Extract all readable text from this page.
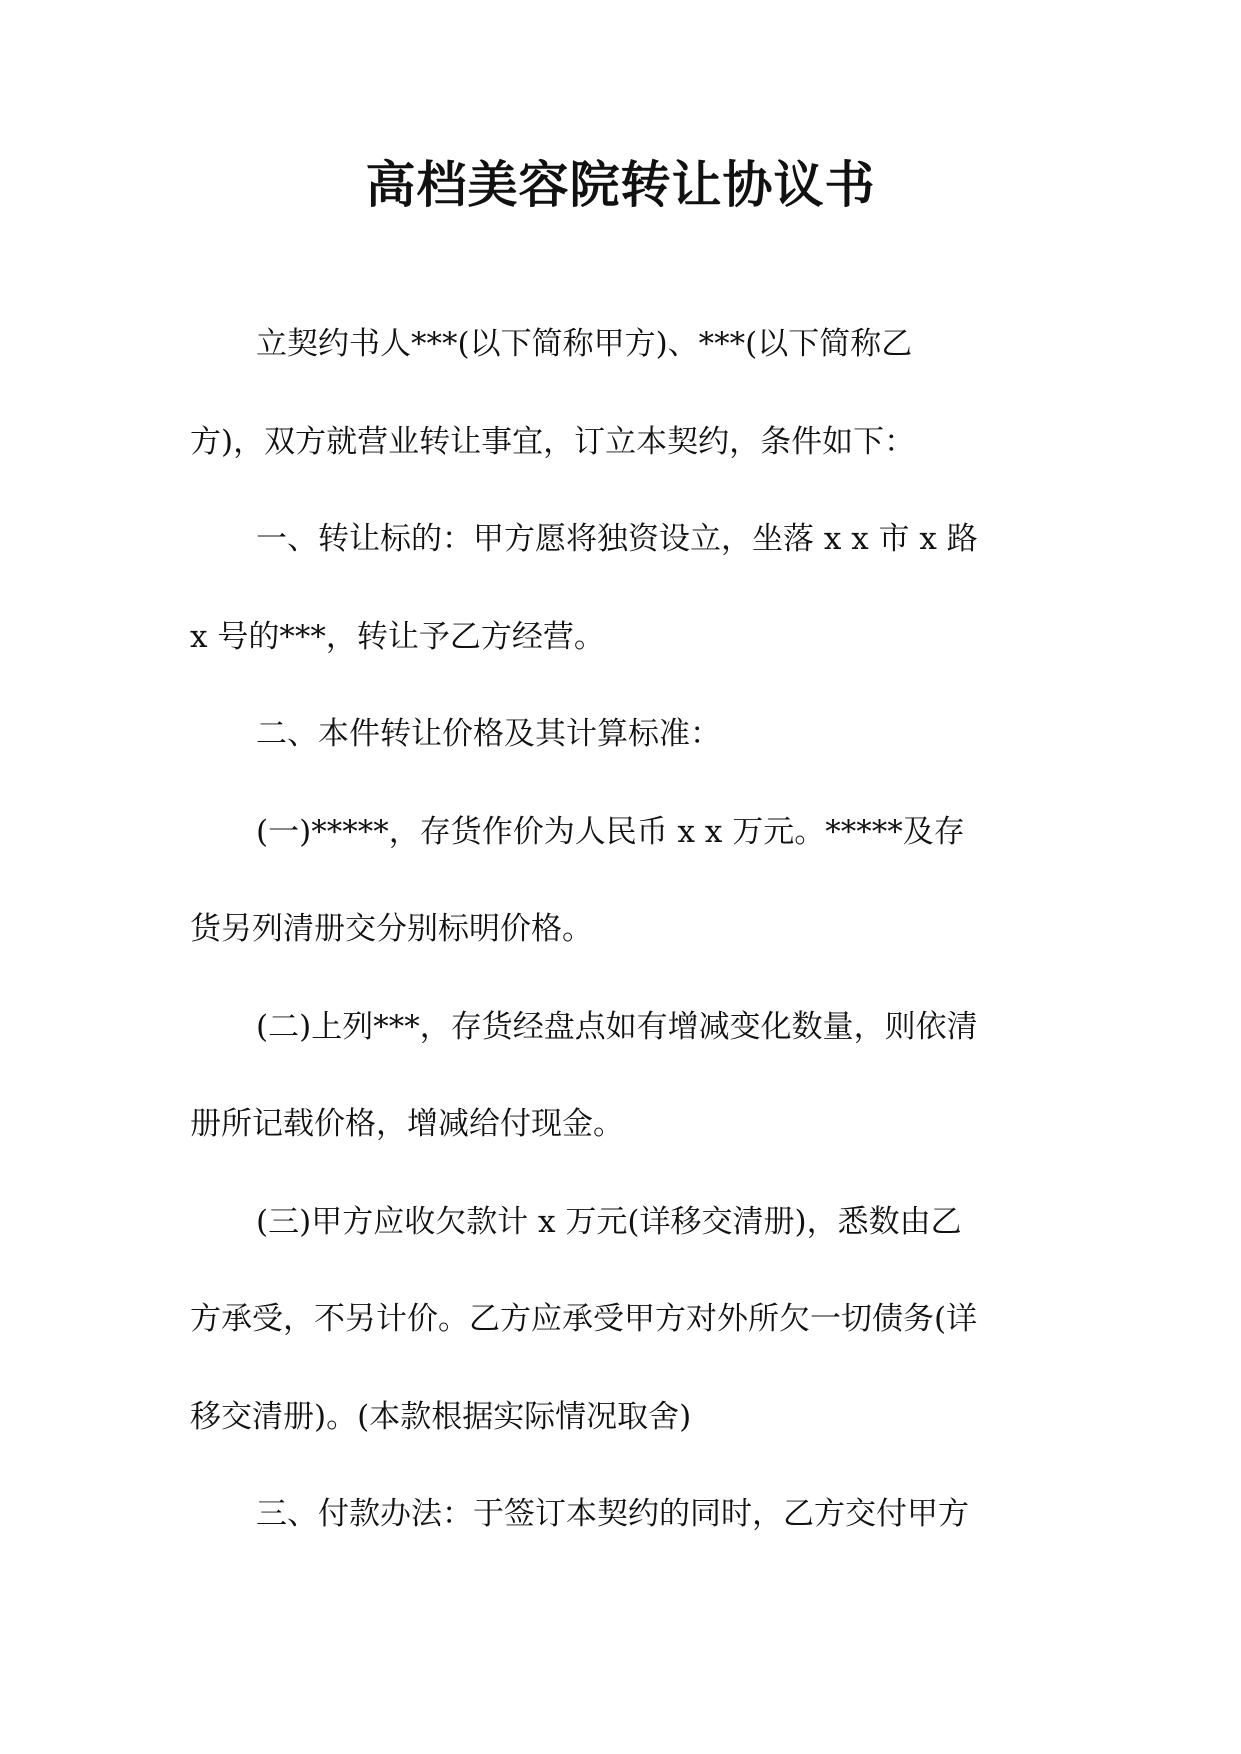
高档美容院转让协议书

立契约书人***(以下简称甲方)、***(以下简称乙
方)，双方就营业转让事宜，订立本契约，条件如下：

一、转让标的：甲方愿将独资设立，坐落 x x 市 x 路
x 号的***，转让予乙方经营。

二、本件转让价格及其计算标准：

(一)*****，存货作价为人民币 x x 万元。*****及存
货另列清册交分别标明价格。

(二)上列***，存货经盘点如有增减变化数量，则依清
册所记载价格，增减给付现金。

(三)甲方应收欠款计 x 万元(详移交清册)，悉数由乙
方承受，不另计价。乙方应承受甲方对外所欠一切债务(详
移交清册)。(本款根据实际情况取舍)

三、付款办法：于签订本契约的同时，乙方交付甲方
